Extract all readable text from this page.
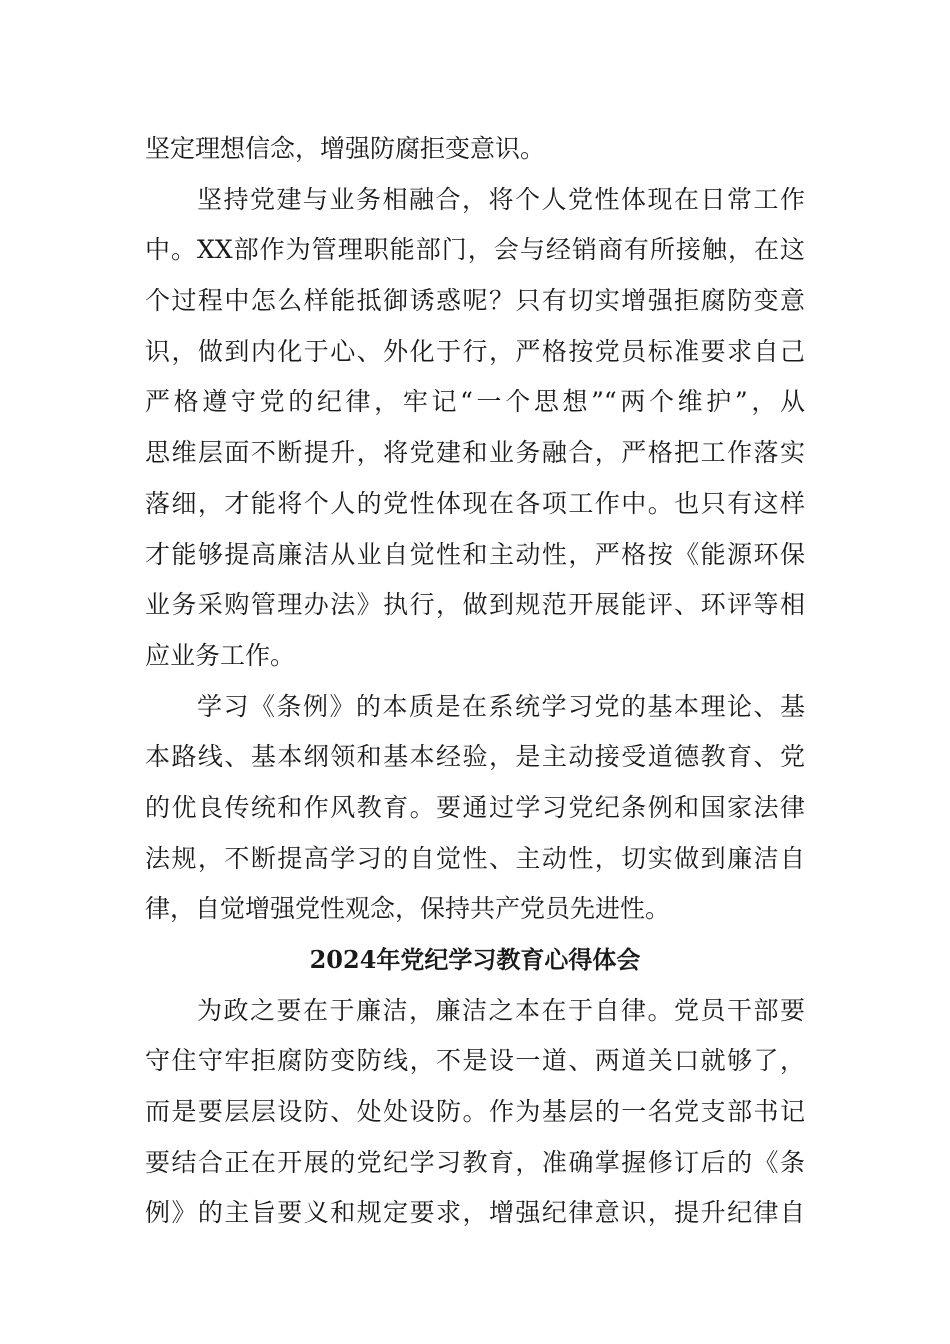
坚定理想信念，增强防腐拒变意识。
坚持党建与业务相融合，将个人党性体现在日常工作
中。XX部作为管理职能部门，会与经销商有所接触，在这
个过程中怎么样能抵御诱惑呢？只有切实增强拒腐防变意
识，做到内化于心、外化于行，严格按党员标准要求自己
严格遵守党的纪律，牢记“一个思想”“两个维护”，从
思维层面不断提升，将党建和业务融合，严格把工作落实
落细，才能将个人的党性体现在各项工作中。也只有这样
才能够提高廉洁从业自觉性和主动性，严格按《能源环保
业务采购管理办法》执行，做到规范开展能评、环评等相
应业务工作。
学习《条例》的本质是在系统学习党的基本理论、基
本路线、基本纲领和基本经验，是主动接受道德教育、党
的优良传统和作风教育。要通过学习党纪条例和国家法律
法规，不断提高学习的自觉性、主动性，切实做到廉洁自
律，自觉增强党性观念，保持共产党员先进性。
2024年党纪学习教育心得体会
为政之要在于廉洁，廉洁之本在于自律。党员干部要
守住守牢拒腐防变防线，不是设一道、两道关口就够了，
而是要层层设防、处处设防。作为基层的一名党支部书记
要结合正在开展的党纪学习教育，准确掌握修订后的《条
例》的主旨要义和规定要求，增强纪律意识，提升纪律自
